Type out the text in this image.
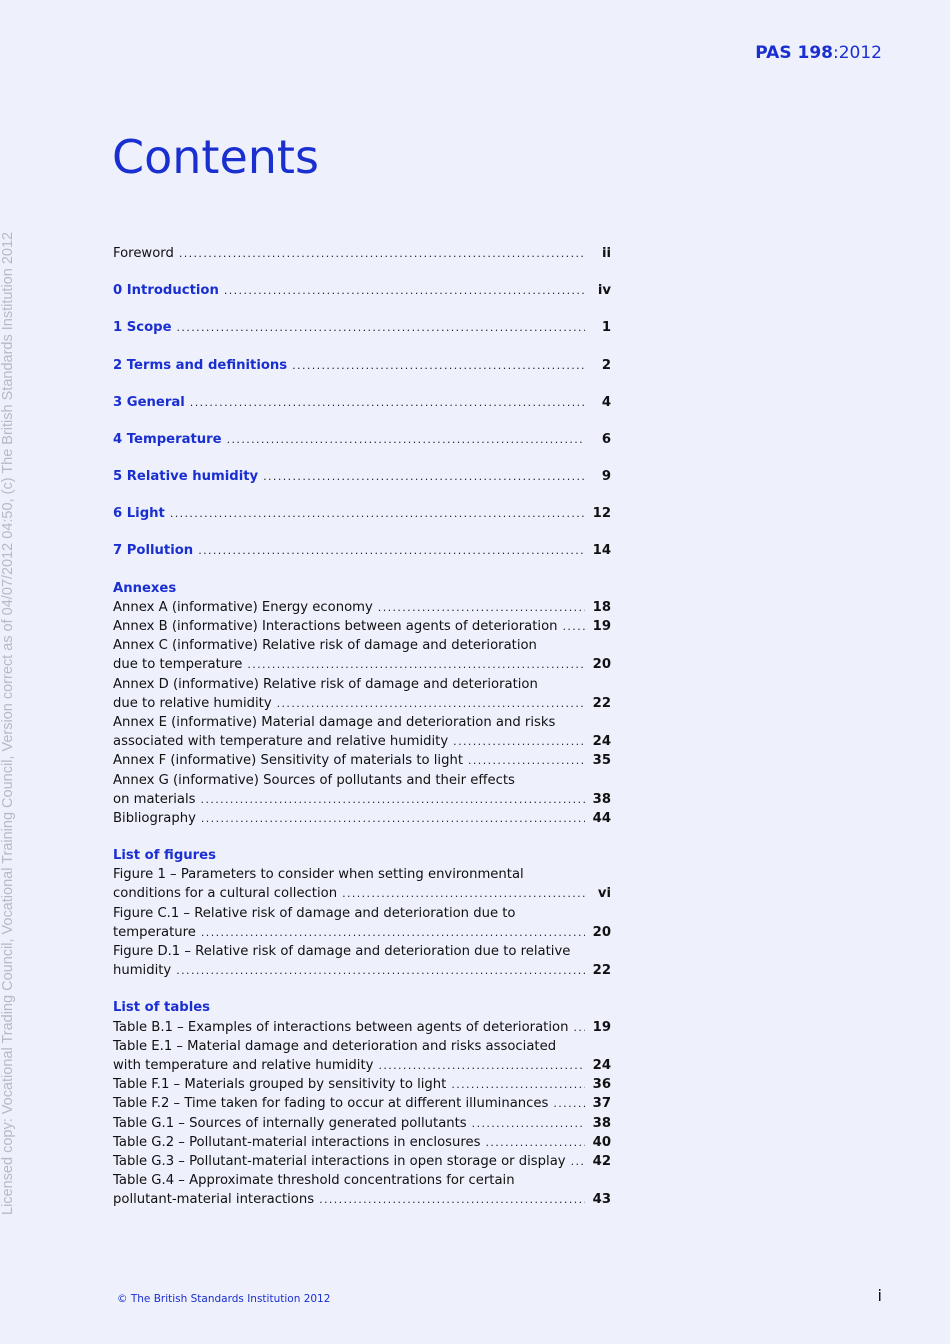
PAS 198:2012
Licensed copy: Vocational Trading Council, Vocational Training Council, Version correct as of 04/07/2012 04:50, (c) The British Standards Institution 2012
Contents
Foreword .....	ii
0 Introduction .....	iv
1 Scope .....	1
2 Terms and definitions .....	2
3 General .....	4
4 Temperature .....	6
5 Relative humidity .....	9
6 Light .....	12
7 Pollution .....	14
Annexes
Annex A (informative) Energy economy .....	18
Annex B (informative) Interactions between agents of deterioration .....	19
Annex C (informative) Relative risk of damage and deterioration
due to temperature .....	20
Annex D (informative) Relative risk of damage and deterioration
due to relative humidity .....	22
Annex E (informative) Material damage and deterioration and risks
associated with temperature and relative humidity .....	24
Annex F (informative) Sensitivity of materials to light .....	35
Annex G (informative) Sources of pollutants and their effects
on materials .....	38
Bibliography .....	44
List of figures
Figure 1 – Parameters to consider when setting environmental
conditions for a cultural collection .....	vi
Figure C.1 – Relative risk of damage and deterioration due to
temperature .....	20
Figure D.1 – Relative risk of damage and deterioration due to relative
humidity .....	22
List of tables
Table B.1 – Examples of interactions between agents of deterioration ..... 19
Table E.1 – Material damage and deterioration and risks associated
with temperature and relative humidity .....	24
Table F.1 – Materials grouped by sensitivity to light .....	36
Table F.2 – Time taken for fading to occur at different illuminances .....	37
Table G.1 – Sources of internally generated pollutants .....	38
Table G.2 – Pollutant-material interactions in enclosures .....	40
Table G.3 – Pollutant-material interactions in open storage or display ..... 42
Table G.4 – Approximate threshold concentrations for certain
pollutant-material interactions .....	43
© The British Standards Institution 2012	i
